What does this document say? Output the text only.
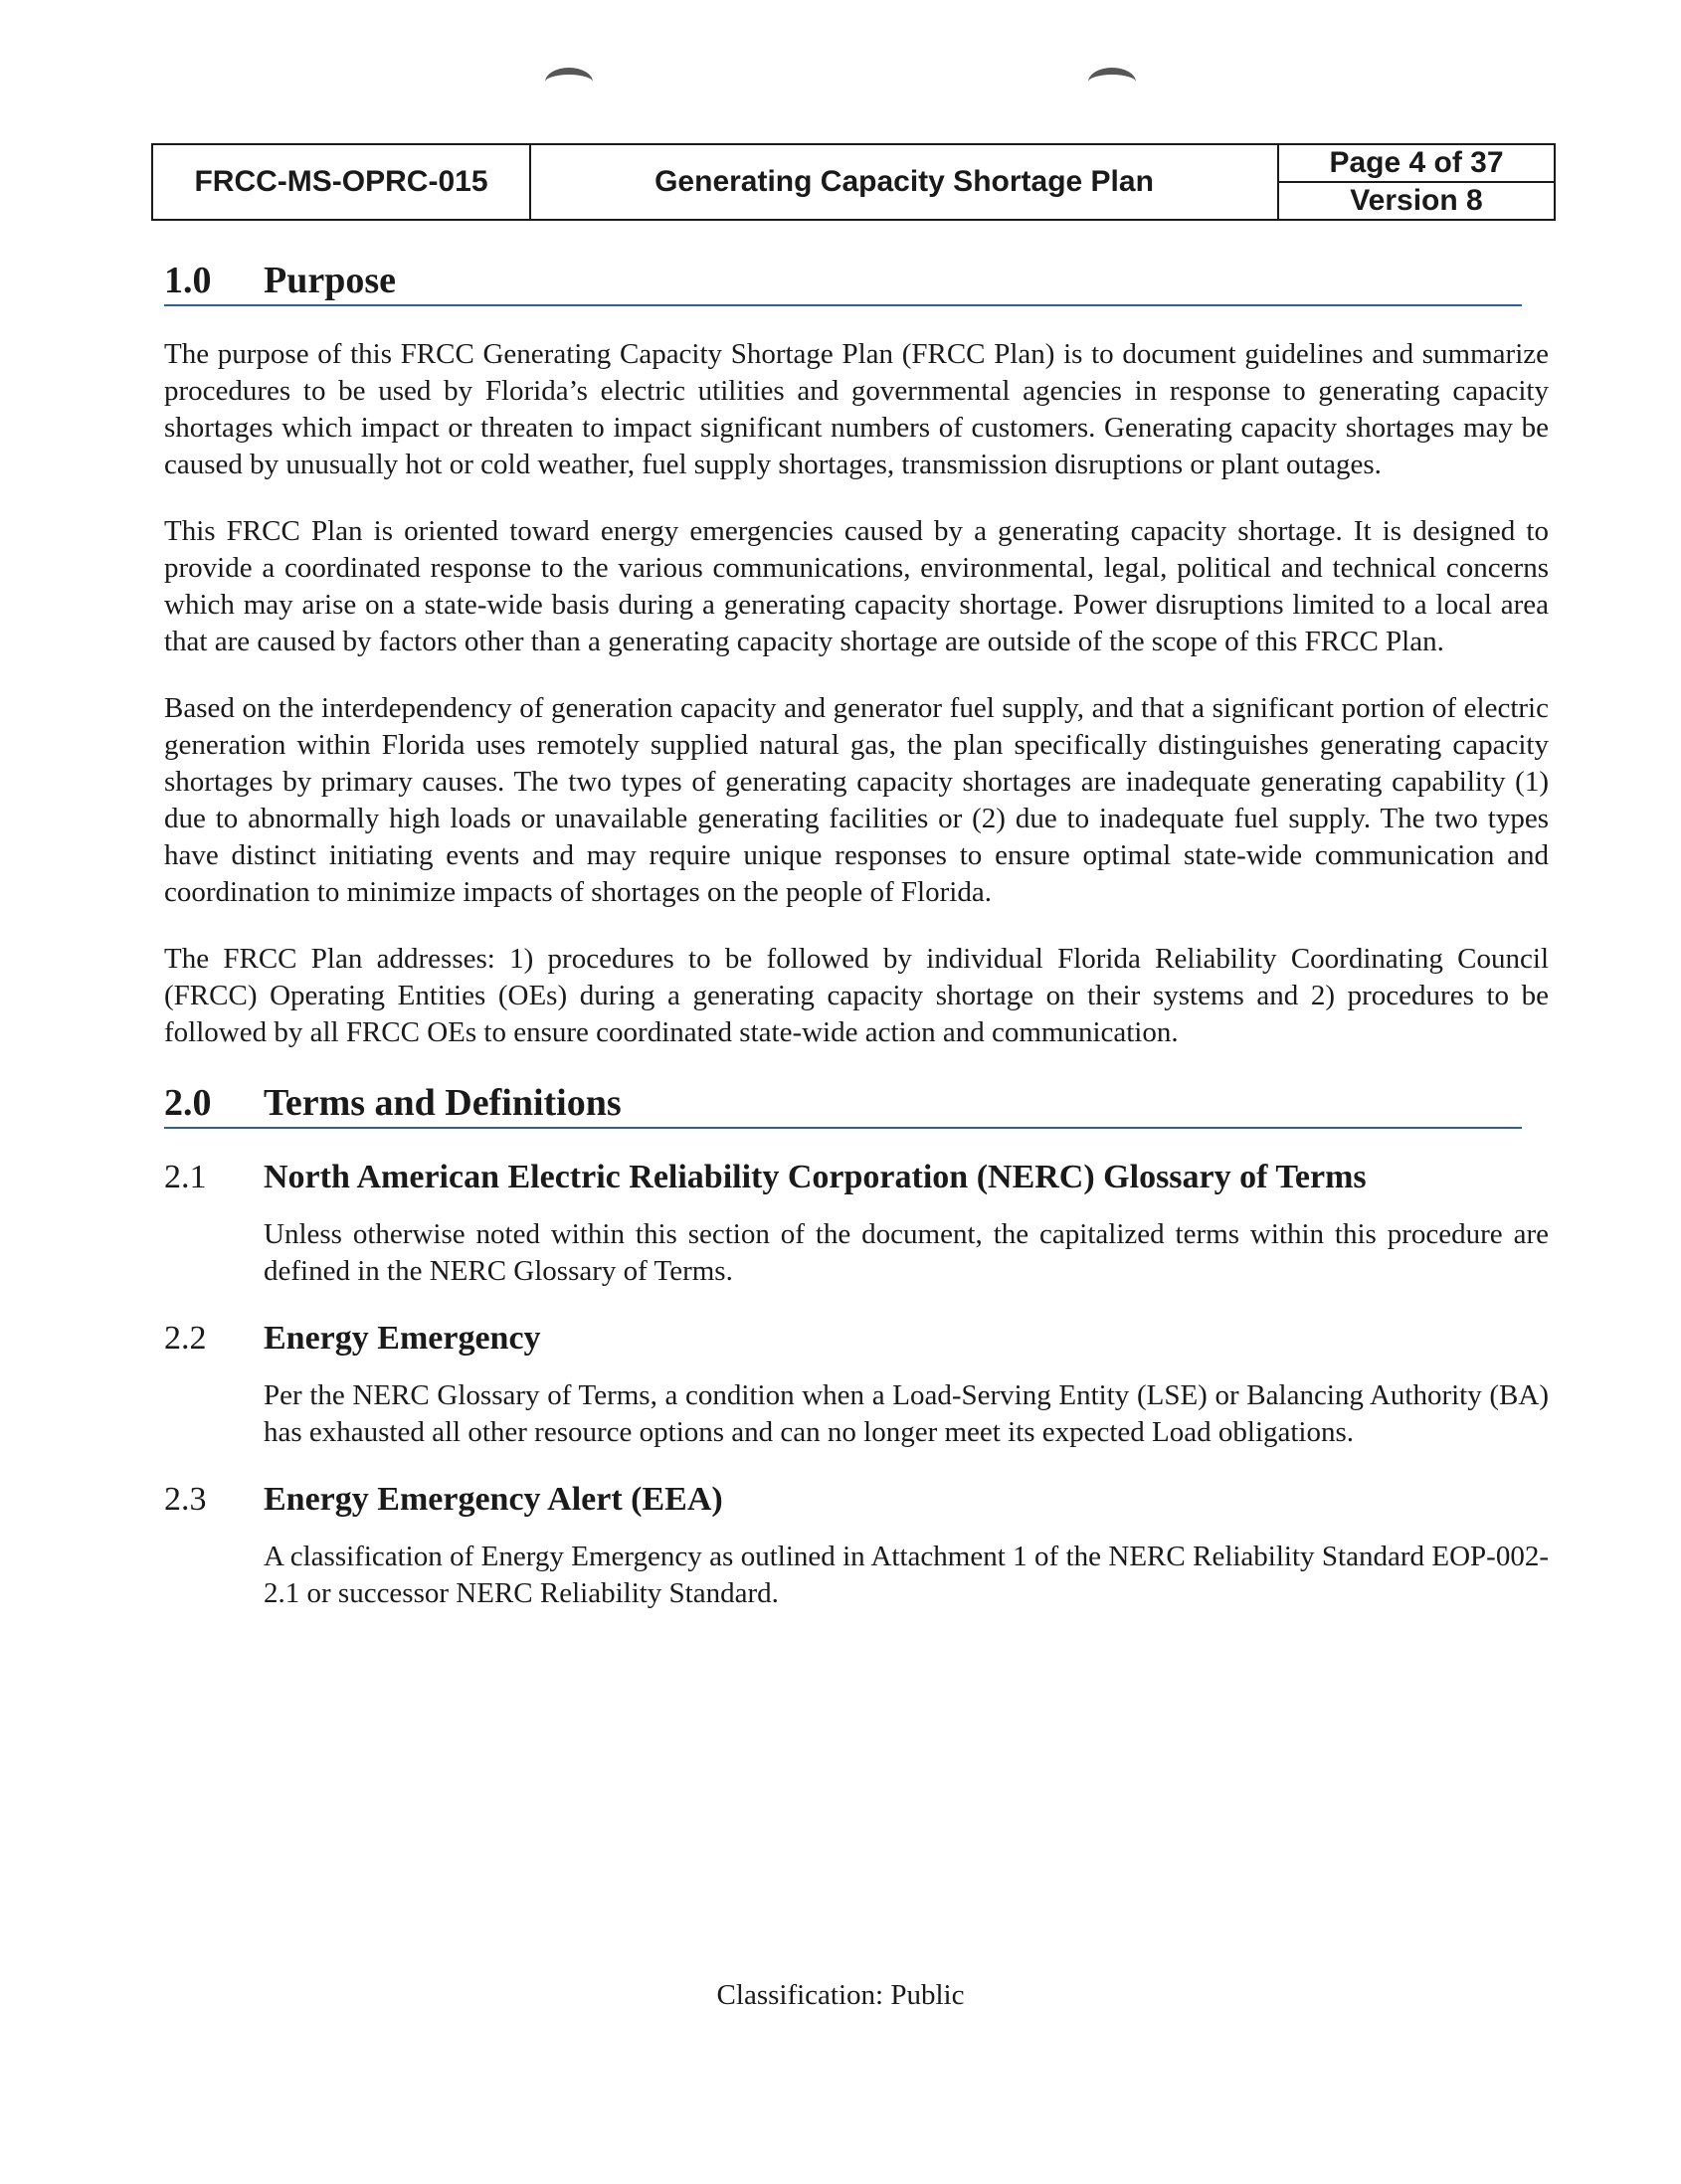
FRCC-MS-OPRC-015	Generating Capacity Shortage Plan
Page 4 of 37
Version 8
1.0	Purpose

The purpose of this FRCC Generating Capacity Shortage Plan (FRCC Plan) is to document guidelines and summarize procedures to be used by Florida’s electric utilities and governmental agencies in response to generating capacity shortages which impact or threaten to impact significant numbers of customers. Generating capacity shortages may be caused by unusually hot or cold weather, fuel supply shortages, transmission disruptions or plant outages.

This FRCC Plan is oriented toward energy emergencies caused by a generating capacity shortage. It is designed to provide a coordinated response to the various communications, environmental, legal, political and technical concerns which may arise on a state-wide basis during a generating capacity shortage. Power disruptions limited to a local area that are caused by factors other than a generating capacity shortage are outside of the scope of this FRCC Plan.

Based on the interdependency of generation capacity and generator fuel supply, and that a significant portion of electric generation within Florida uses remotely supplied natural gas, the plan specifically distinguishes generating capacity shortages by primary causes. The two types of generating capacity shortages are inadequate generating capability (1) due to abnormally high loads or unavailable generating facilities or (2) due to inadequate fuel supply. The two types have distinct initiating events and may require unique responses to ensure optimal state-wide communication and coordination to minimize impacts of shortages on the people of Florida.

The FRCC Plan addresses: 1) procedures to be followed by individual Florida Reliability Coordinating Council (FRCC) Operating Entities (OEs) during a generating capacity shortage on their systems and 2) procedures to be followed by all FRCC OEs to ensure coordinated state-wide action and communication.

2.0	Terms and Definitions
2.1	North American Electric Reliability Corporation (NERC) Glossary of Terms

Unless otherwise noted within this section of the document, the capitalized terms within this procedure are defined in the NERC Glossary of Terms.

2.2	Energy Emergency

Per the NERC Glossary of Terms, a condition when a Load-Serving Entity (LSE) or Balancing Authority (BA) has exhausted all other resource options and can no longer meet its expected Load obligations.

2.3	Energy Emergency Alert (EEA)

A classification of Energy Emergency as outlined in Attachment 1 of the NERC Reliability Standard EOP-002-2.1 or successor NERC Reliability Standard.

Classification: Public
